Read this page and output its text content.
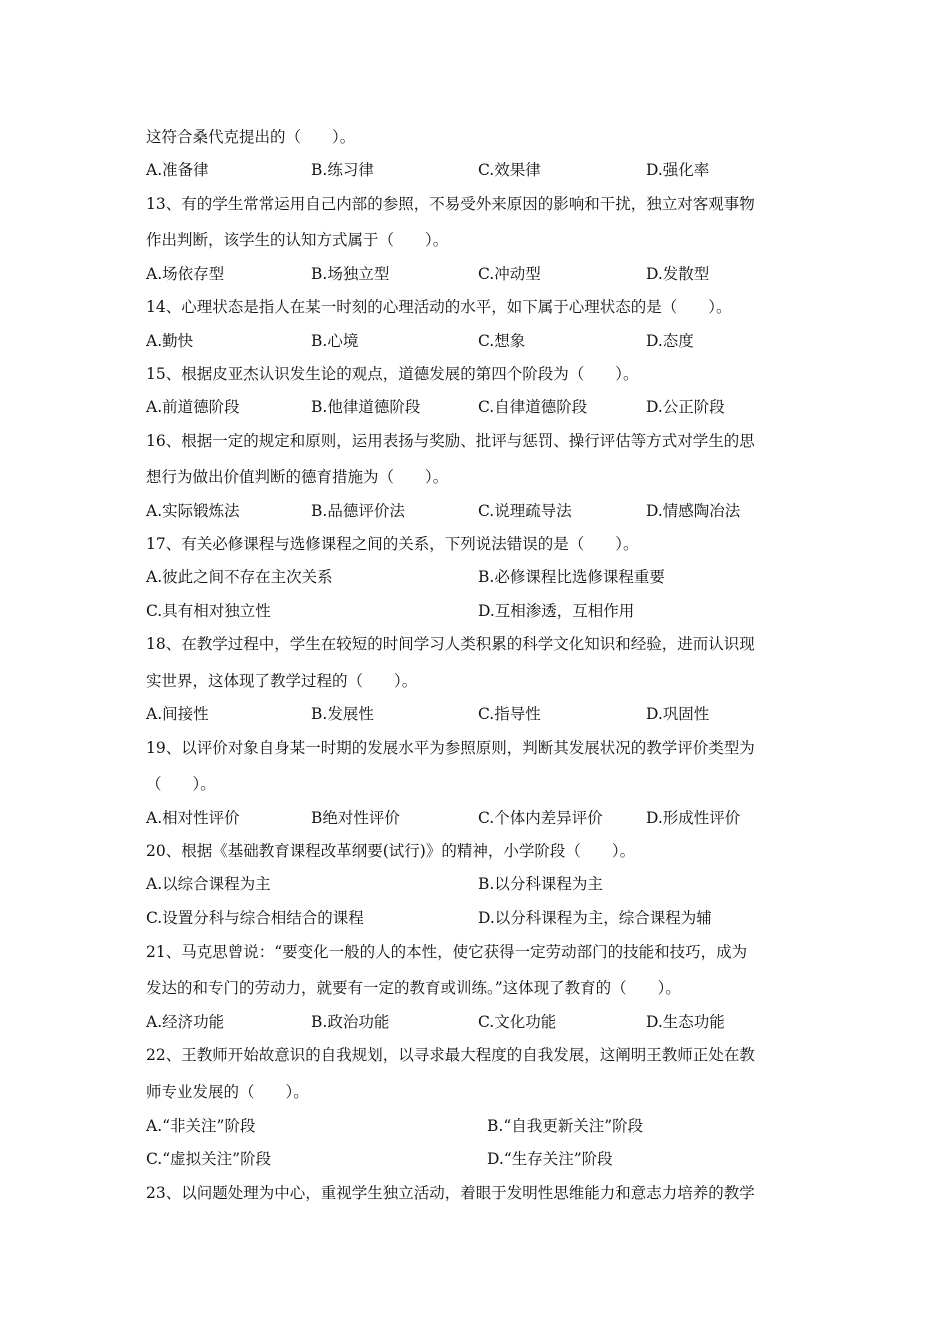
这符合桑代克提出的（　　）。
A.准备律	B.练习律	C.效果律	D.强化率
13、有的学生常常运用自己内部的参照，不易受外来原因的影响和干扰，独立对客观事物
作出判断，该学生的认知方式属于（　　）。
A.场依存型	B.场独立型	C.冲动型	D.发散型
14、心理状态是指人在某一时刻的心理活动的水平，如下属于心理状态的是（　　）。
A.勤快	B.心境	C.想象	D.态度
15、根据皮亚杰认识发生论的观点，道德发展的第四个阶段为（　　）。
A.前道德阶段	B.他律道德阶段	C.自律道德阶段	D.公正阶段
16、根据一定的规定和原则，运用表扬与奖励、批评与惩罚、操行评估等方式对学生的思
想行为做出价值判断的德育措施为（　　）。
A.实际锻炼法	B.品德评价法	C.说理疏导法	D.情感陶冶法
17、有关必修课程与选修课程之间的关系，下列说法错误的是（　　）。
A.彼此之间不存在主次关系	B.必修课程比选修课程重要
C.具有相对独立性	D.互相渗透，互相作用
18、在教学过程中，学生在较短的时间学习人类积累的科学文化知识和经验，进而认识现
实世界，这体现了教学过程的（　　）。
A.间接性	B.发展性	C.指导性	D.巩固性
19、以评价对象自身某一时期的发展水平为参照原则，判断其发展状况的教学评价类型为
（　　）。
A.相对性评价	B绝对性评价	C.个体内差异评价	D.形成性评价
20、根据《基础教育课程改革纲要(试行)》的精神，小学阶段（　　）。
A.以综合课程为主	B.以分科课程为主
C.设置分科与综合相结合的课程	D.以分科课程为主，综合课程为辅
21、马克思曾说：“要变化一般的人的本性，使它获得一定劳动部门的技能和技巧，成为
发达的和专门的劳动力，就要有一定的教育或训练。”这体现了教育的（　　）。
A.经济功能	B.政治功能	C.文化功能	D.生态功能
22、王教师开始故意识的自我规划，以寻求最大程度的自我发展，这阐明王教师正处在教
师专业发展的（　　）。
A.“非关注”阶段	B.“自我更新关注”阶段
C.“虚拟关注”阶段	D.“生存关注”阶段
23、以问题处理为中心，重视学生独立活动，着眼于发明性思维能力和意志力培养的教学
